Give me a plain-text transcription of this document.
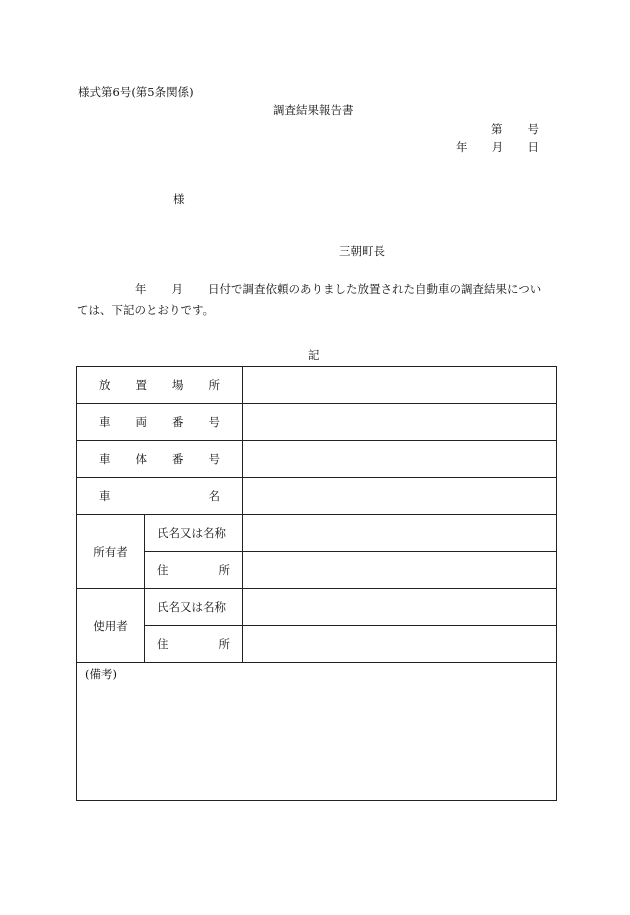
様式第6号(第5条関係)
調査結果報告書
第 号
年 月 日
様
三朝町長
年 月 日付で調査依頼のありました放置された自動車の調査結果につい
ては、下記のとおりです。
記
放 置 場 所		

車 両 番 号		

車 体 番 号		

車 名		

所有者	氏名又は名称	

	住 所	

使用者	氏名又は名称	

	住 所	

(備考)		
